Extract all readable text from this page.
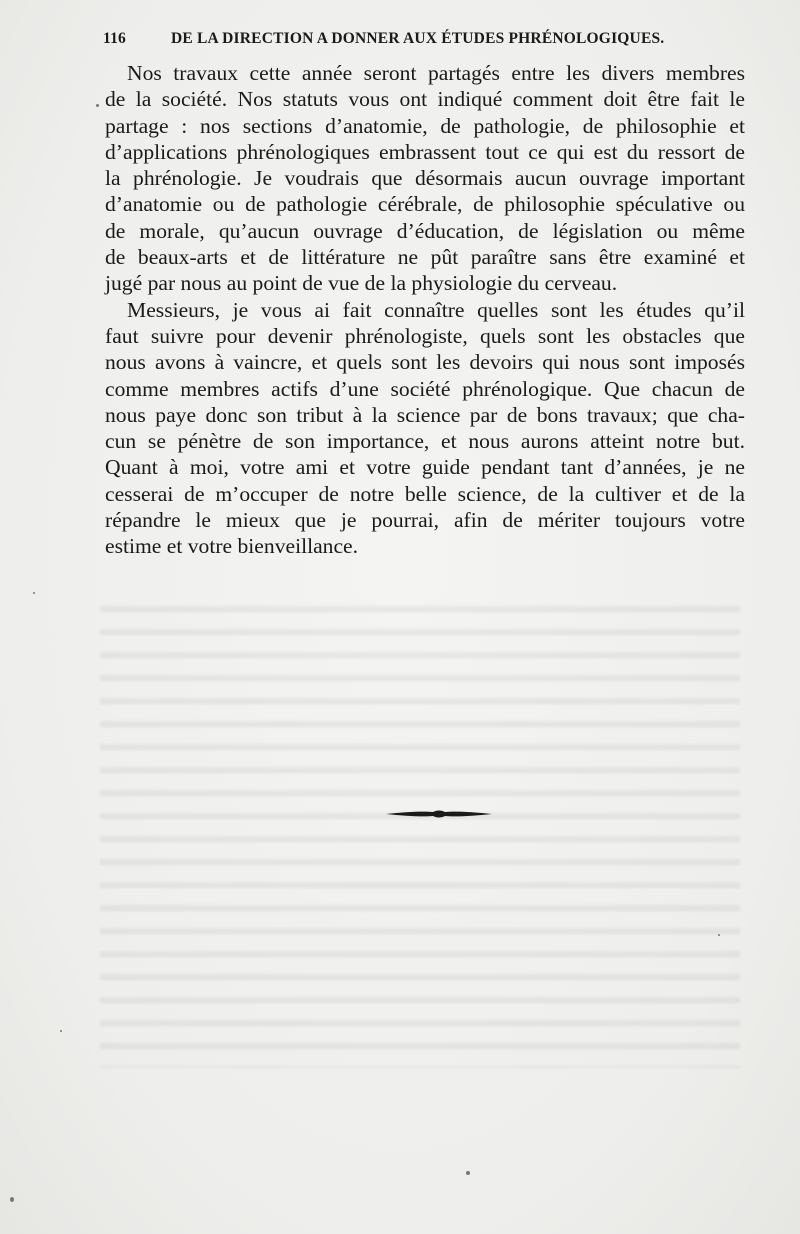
116	DE LA DIRECTION A DONNER AUX ÉTUDES PHRÉNOLOGIQUES.
Nos travaux cette année seront partagés entre les divers membres
de la société. Nos statuts vous ont indiqué comment doit être fait le
partage : nos sections d’anatomie, de pathologie, de philosophie et
d’applications phrénologiques embrassent tout ce qui est du ressort de
la phrénologie. Je voudrais que désormais aucun ouvrage important
d’anatomie ou de pathologie cérébrale, de philosophie spéculative ou
de morale, qu’aucun ouvrage d’éducation, de législation ou même
de beaux-arts et de littérature ne pût paraître sans être examiné et
jugé par nous au point de vue de la physiologie du cerveau.
Messieurs, je vous ai fait connaître quelles sont les études qu’il
faut suivre pour devenir phrénologiste, quels sont les obstacles que
nous avons à vaincre, et quels sont les devoirs qui nous sont imposés
comme membres actifs d’une société phrénologique. Que chacun de
nous paye donc son tribut à la science par de bons travaux; que cha-
cun se pénètre de son importance, et nous aurons atteint notre but.
Quant à moi, votre ami et votre guide pendant tant d’années, je ne
cesserai de m’occuper de notre belle science, de la cultiver et de la
répandre le mieux que je pourrai, afin de mériter toujours votre
estime et votre bienveillance.
